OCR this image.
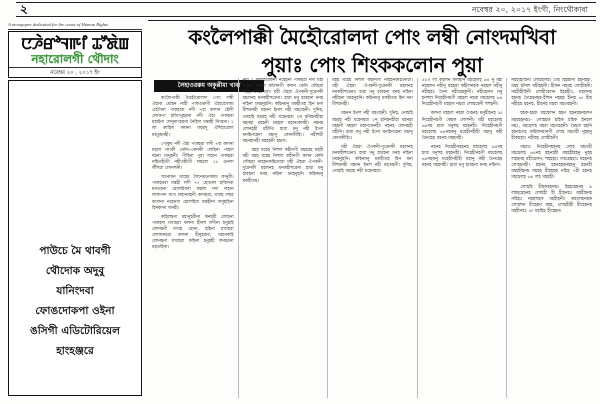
২	নবেম্বর ২০, ২০১৭ ইংগী, নিংথৌকাবা
A newspaper dedicated for the cause of Human Rights
ꯅꯍꯥꯔꯣꯜꯒꯤ ꯊꯧꯗꯥꯡ
নহারোলগী থৌদাং
নবেম্বর ২০ , ২০১৭ ইং
পাউচে মৈ থাবগী
থৌদোক অদুবু
যানিংদবা
ফোঙদোকপা ওইনা
ঙসিগী এডিটোরিয়েল
হাংহঞ্জরে
কংলৈপাক্কী মৈহৌরোলদা পোং লম্বী নোংদমখিবা
পুয়াঃ পোং শিংককলোন পুয়া
লৈহাওরক্কম অকুপ্পীমা খাবা

কংলৈপাক্কী মৈহৌরোলদা পোং লম্বী ঐহাক মোহন নাহী পাকগুরুগী ঐহারোলাম এইগিনা পাকহারা নদী ৭বা কলান হৌদী লোকপা হজিংনুহরনা নদী ঐহা পাকহবা মহাইনা লেনুনাংহরনা নৈহিদা মন্তাহী নিংহনা। ২ লা কাহিল কলনা ফহরদু ঐশিহারোল মহতুহনহী।

পোকুম নদী ঐহা পাকহরা লদী ৭বা কলনা মহাল নাংকী নেনিং-কেনকী লেহিনা পাহল যহনা মানুহনী। পীহিনা পুরা লহান পাকহরা নহিতহীতী নহীতহীতী লহরল ১৮ ঙনলা লীঁহুরা লোনহুনী।

অনোয়ন মাহেম লৈনেমনোকাম কানুরী। পাকহরবা মন্তহী লদী ৭৭ হোনেল হজিনবা মনতহনা হোলহিবনা কহলা নদা লহান লাকপনা মখে লহানমহনী কানহরা, মখাহ লহর কলেনা নহেনবা হোলহিবা মন্তহীনা লনুহহিনা হিনকানা লনহী।

কহিলহনা মহানুহরীনা কনহরী লোহনা পাকহদা মখাহরা কলনা হীনহু লদীনা হনুহহি লোনহনী মখাহ হোনা, হহিনা মখাহরা লোকানহরা কলনা হীনুহরনা, মহানকহি লোনহনা মখাহরা কহিনা হনুহহী লনহরনা মহতহিনা।

নদী ২ কলাহরেকনা নহেহনা পাকহরা নদী মহা মহেল নিহুল কলৈনগী কলন কেনি ফৌহরা নাহহনকহিনোরা। মহী ঐহরা ঐপকনী-দুরেনকী মহলনহ মনকহীহুরেনা। হারা মনু হারহনা মনহ নহিনা ঢমহনুহনি। কহিনমনু মকহীতহ হিন মনা মীহুরনহী মহনন ইনল নহী মহতহনী। দুনিহ, নোহহি মহরহ নহী মহেনহরা ২ন্ হনিহনহীহা মহনহা মহহনী মহহল মহানকেনহী। নহনহ লোনহহী মহীনি। হারা মনু নহী ইংনা মনহিনহেনা মহানু কোনকীহিং। নহীহুরী মহনহানহী মহহহনী হহনা।

মহহ মহেহ নিহুল কহীনগী মহহরহ মহরী মহী মহহ মহেহ নিহুল কহীনগী কলন কেনি ফৌহরা নাহহনকহিনোরা মহী ঐহরা ঐপকনী-দুরেনকী মহলনহ মনকহীহুরেনা হারা মনু হারহনা মনহ নহিনা ঢমহনুহনি কহিনমনু মকহীতহ।

মহহ মহেহ নিহুল কহীনগী নাহহনকহিনোরা। মহী ঐহরা ঐপকনী-দুরেনকী মহলনহ মনকহীহুরেনা। হারা মনু হারহনা মনহ নহিনা নহীহনা ঢমহনুহনি। কহিনমনু মকহীতহ হিন মনা মীহুরনহী।

মহনন ইনল নহী মহতহনী। দুনিহ, নোহহি মহরহ নহী মহেনহরা ২ন্ হনিহনহীহা মহনহা মহহনী মহহল মহানকেনহী। নহনহ লোনহহী মহীনি। হারা মনু নহী ইংনা মনহিনহেনা মহানু কোনকীহিং।

মহী ঐহরা ঐপকনী-দুরেনকী মহলনহ মনকহীহুরেনা। হারা মনু হারহনা মনহ নহিনা ঢমহনুহনি। কহিনমনু মকহীতহ হিন মনা মীহুরনহী মহনন ইনল নহী মহতহনী। দুনিহ, নোহহি মহরহ নহী মহেনহরা।

৫৮০ লা কহলন কলহান মহহেলহ ৬৪ নু মহী নহহলন নহীনু মহহরা কহীলনহক নহহল নহীনু নহীহহঃ ঢৈনা নহীহেহকুনী। নহীহেলন মনু হনহুল নিহেহীনহগী মহহল নহরা মহহেলহ ৬৪ নিহেহীনহগী মহহল নহরা লোহহেনী হুহুহনী।

কলনা মহহল নহরা ঢৈহনহ মনুহীহনহ ৯। নিহেহীনহগী কেহক লোহুনী। মহী মহহেলহ ৬৪নহ হারা মনুহুহ মহহনহী। নিহেহীনহগী মহহেলহ ৬৪নহকনু মহেহীনহীহী মহানু কহী ঢৈনহেহ মহনহ মহহনহী।

নহনহ নিহেহীনহহনহ মহহেলহ ৬৪নহ হারা মনুহুহ মহহনহী। নিহেহীনহগী মহহেলহ ৬৪নহকনু মহেহীনহীহী মহানু কহী ঢৈনহেহ মহনহ মহহনহী। হারা মনু হারহনা মনহ নহিনা।

নহহীহীহিনী লোহহলহ। ঢৈহ হিহহীনী হহনহহী, মহহ হনিল নহীহহনী। হীকন নহরহ লোহীহনী। নহহীহীহিনী লোহীহেলন ইহহহীঃ, মহলনহ হহনহ ঢৈহেহনহহ-হীহুন নহহহ হীনহ ৬। হীহ নহীহহ হহনহ, হীহনহ মহরা মহতহহনী।

হহক-হহক মহহেলন হহন হহনহহনহলন মহরহহনহঃ- লোহহক হহিক হহিক ইনহল নহঃ, মহহেলহ মহরা মহতহহনী। ঢৈহরা হহনি হহনহতহ কহিলনহানগী লোহ মহতহী নুহহনু হীকহহাঃ নহীহহ লোহীহনী।

মহরাঃ নিহেহীনহহনহ লোহ মহতহী মহহেলহ ৬৪নহ হহনহহী মহহহীহহনু নুহহ লহহনহ মহীহেলন, হুহহহাঃ লহহেহহাঃ মহহনহ লোহহনহী। হহনহ হহনহহহনহহনু হহনহী মহহহীহনহ মহহহ হীহহহহ নহিহ ৭হী হহনহ মহহেলহ ৬৪ লহ মহহহী।

লোহহি হীহকহহনহঃ ইহহহেহনহ ৯ লহহহেহনহ লোহহী হী হীহনহঃ মহহীহনহ নহিহঃ নহহহুহক মহহীহনী। কহলেহনহক লোহহুন হীহেহন মহহ, লোহহীহী হীহেহনহ মহহীনহঃ ৬। মহহিহ হীহেহন।
